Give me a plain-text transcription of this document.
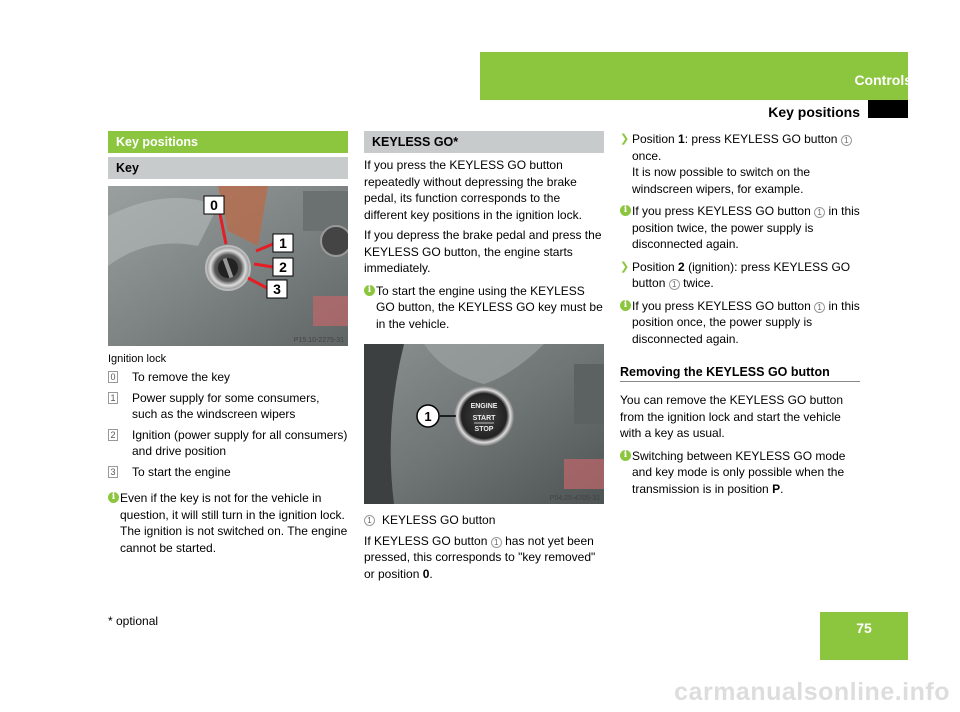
Controls
Key positions
Key positions
Key
0
1
2
3
P15.10-2275-31
Ignition lock
0 To remove the key
1 Power supply for some consumers, such as the windscreen wipers
2 Ignition (power supply for all consumers) and drive position
3 To start the engine
i Even if the key is not for the vehicle in question, it will still turn in the ignition lock. The ignition is not switched on. The engine cannot be started.
KEYLESS GO*

If you press the KEYLESS GO button repeatedly without depressing the brake pedal, its function corresponds to the different key positions in the ignition lock.

If you depress the brake pedal and press the KEYLESS GO button, the engine starts immediately.

i To start the engine using the KEYLESS GO button, the KEYLESS GO key must be in the vehicle.
ENGINE
START
STOP
1
P54.25-4705-31
1 KEYLESS GO button

If KEYLESS GO button 1 has not yet been pressed, this corresponds to "key removed" or position 0.

❯ Position 1: press KEYLESS GO button 1 once.
It is now possible to switch on the windscreen wipers, for example.
i If you press KEYLESS GO button 1 in this position twice, the power supply is disconnected again.
❯ Position 2 (ignition): press KEYLESS GO button 1 twice.
i If you press KEYLESS GO button 1 in this position once, the power supply is disconnected again.
Removing the KEYLESS GO button

You can remove the KEYLESS GO button from the ignition lock and start the vehicle with a key as usual.

i Switching between KEYLESS GO mode and key mode is only possible when the transmission is in position P.
* optional	75
carmanualsonline.info
